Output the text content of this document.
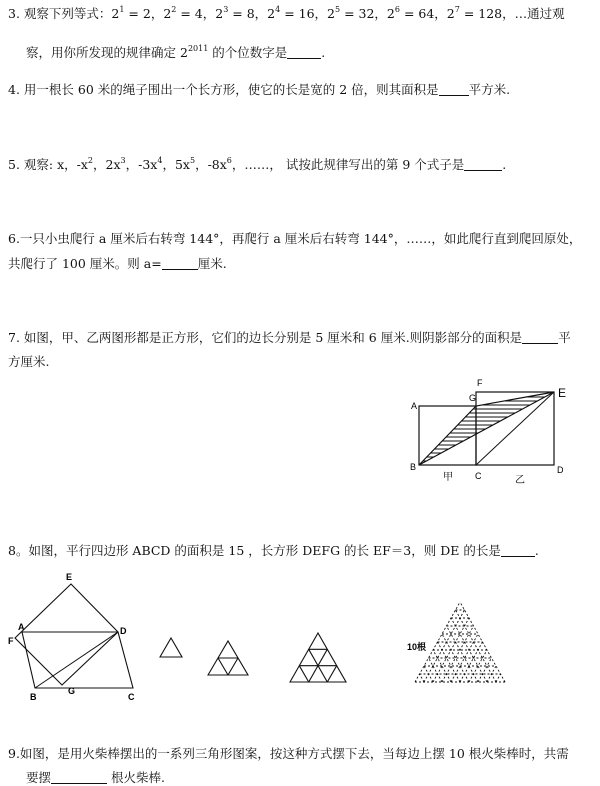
3. 观察下列等式：$2^1 = 2$，$2^2 = 4$，$2^3 = 8$，$2^4 = 16$，$2^5 = 32$，$2^6 = 64$，$2^7 = 128$，…通过观
察，用你所发现的规律确定 $2^{2011}$ 的个位数字是	.
4. 用一根长 60 米的绳子围出一个长方形，使它的长是宽的 2 倍，则其面积是 平方米.
5. 观察: x，$-x^2$，$2x^3$，$-3x^4$，$5x^5$，$-8x^6$，……， 试按此规律写出的第 9 个式子是	.
6.一只小虫爬行 a 厘米后右转弯 144°，再爬行 a 厘米后右转弯 144°，……，如此爬行直到爬回原处，
共爬行了 100 厘米。则 a=	厘米.
7. 如图，甲、乙两图形都是正方形，它们的边长分别是 5 厘米和 6 厘米.则阴影部分的面积是	平
方厘米.
A
B
C
D
E
F
G
甲	乙
8。如图，平行四边形 ABCD 的面积是 15 ，长方形 DEFG 的长 EF＝3，则 DE 的长是	.
E
A
F
D
B
G
C
10根
9.如图，是用火柴棒摆出的一系列三角形图案，按这种方式摆下去，当每边上摆 10 根火柴棒时，共需
要摆	根火柴棒.
